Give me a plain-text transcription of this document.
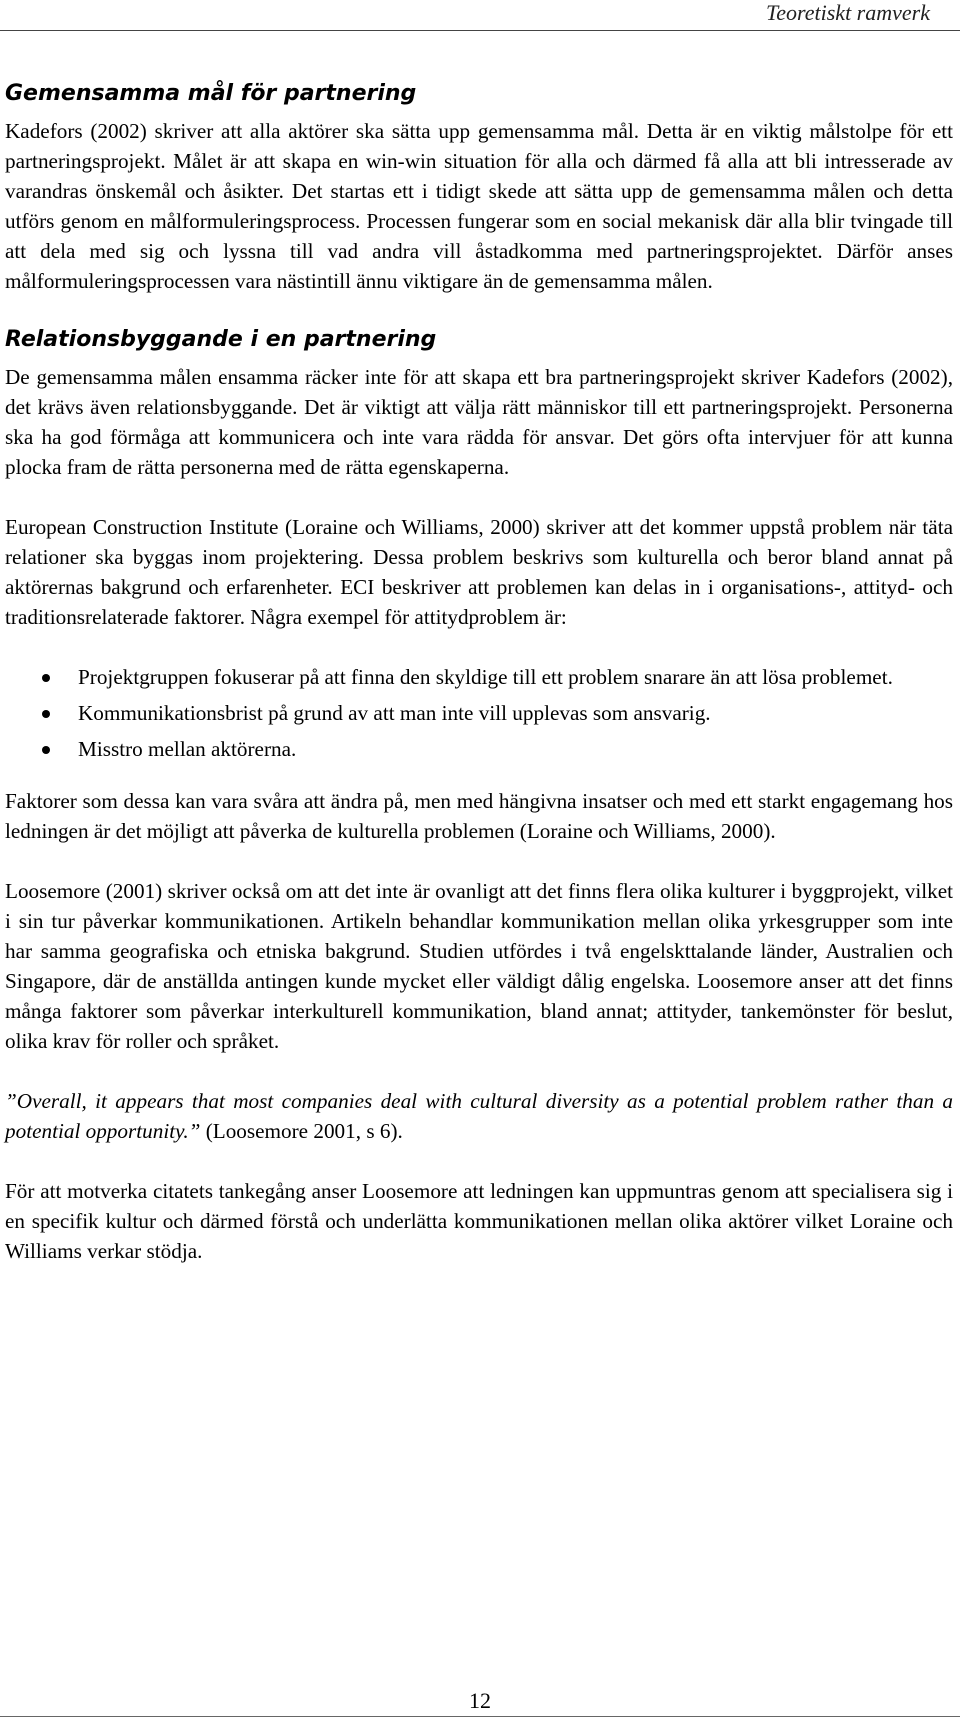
Teoretiskt ramverk
Gemensamma mål för partnering

Kadefors (2002) skriver att alla aktörer ska sätta upp gemensamma mål. Detta är en viktig målstolpe för ett partneringsprojekt. Målet är att skapa en win-win situation för alla och därmed få alla att bli intresserade av varandras önskemål och åsikter. Det startas ett i tidigt skede att sätta upp de gemensamma målen och detta utförs genom en målformuleringsprocess. Processen fungerar som en social mekanisk där alla blir tvingade till att dela med sig och lyssna till vad andra vill åstadkomma med partneringsprojektet. Därför anses målformuleringsprocessen vara nästintill ännu viktigare än de gemensamma målen.

Relationsbyggande i en partnering

De gemensamma målen ensamma räcker inte för att skapa ett bra partneringsprojekt skriver Kadefors (2002), det krävs även relationsbyggande. Det är viktigt att välja rätt människor till ett partneringsprojekt. Personerna ska ha god förmåga att kommunicera och inte vara rädda för ansvar. Det görs ofta intervjuer för att kunna plocka fram de rätta personerna med de rätta egenskaperna.

European Construction Institute (Loraine och Williams, 2000) skriver att det kommer uppstå problem när täta relationer ska byggas inom projektering. Dessa problem beskrivs som kulturella och beror bland annat på aktörernas bakgrund och erfarenheter. ECI beskriver att problemen kan delas in i organisations-, attityd- och traditionsrelaterade faktorer. Några exempel för attitydproblem är:

Projektgruppen fokuserar på att finna den skyldige till ett problem snarare än att lösa problemet.
Kommunikationsbrist på grund av att man inte vill upplevas som ansvarig.
Misstro mellan aktörerna.

Faktorer som dessa kan vara svåra att ändra på, men med hängivna insatser och med ett starkt engagemang hos ledningen är det möjligt att påverka de kulturella problemen (Loraine och Williams, 2000).

Loosemore (2001) skriver också om att det inte är ovanligt att det finns flera olika kulturer i byggprojekt, vilket i sin tur påverkar kommunikationen. Artikeln behandlar kommunikation mellan olika yrkesgrupper som inte har samma geografiska och etniska bakgrund. Studien utfördes i två engelskttalande länder, Australien och Singapore, där de anställda antingen kunde mycket eller väldigt dålig engelska. Loosemore anser att det finns många faktorer som påverkar interkulturell kommunikation, bland annat; attityder, tankemönster för beslut, olika krav för roller och språket.

”Overall, it appears that most companies deal with cultural diversity as a potential problem rather than a potential opportunity.” (Loosemore 2001, s 6).

För att motverka citatets tankegång anser Loosemore att ledningen kan uppmuntras genom att specialisera sig i en specifik kultur och därmed förstå och underlätta kommunikationen mellan olika aktörer vilket Loraine och Williams verkar stödja.

12
